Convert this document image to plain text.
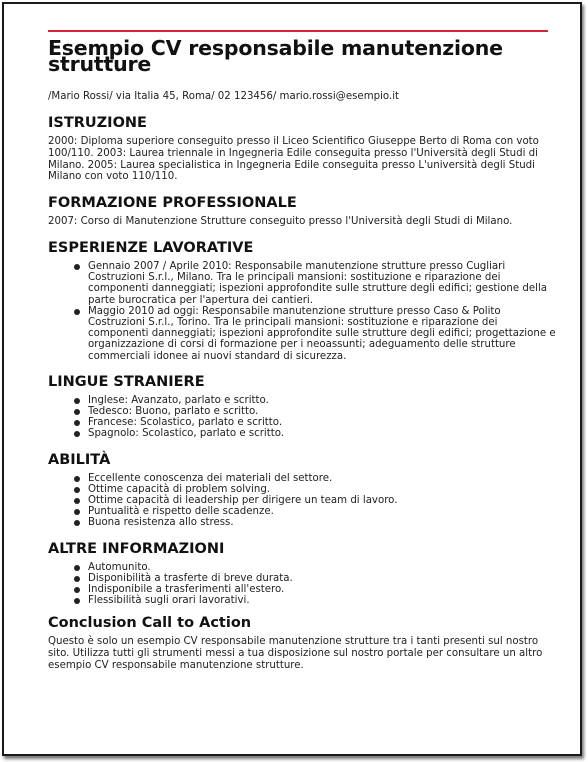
Esempio CV responsabile manutenzione strutture
/Mario Rossi/ via Italia 45, Roma/ 02 123456/ mario.rossi@esempio.it
ISTRUZIONE

2000: Diploma superiore conseguito presso il Liceo Scientifico Giuseppe Berto di Roma con voto 100/110. 2003: Laurea triennale in Ingegneria Edile conseguita presso l'Università degli Studi di Milano. 2005: Laurea specialistica in Ingegneria Edile conseguita presso L'università degli Studi Milano con voto 110/110.

FORMAZIONE PROFESSIONALE

2007: Corso di Manutenzione Strutture conseguito presso l'Università degli Studi di Milano.

ESPERIENZE LAVORATIVE
Gennaio 2007 / Aprile 2010: Responsabile manutenzione strutture presso Cugliari Costruzioni S.r.l., Milano. Tra le principali mansioni: sostituzione e riparazione dei componenti danneggiati; ispezioni approfondite sulle strutture degli edifici; gestione della parte burocratica per l'apertura dei cantieri.
Maggio 2010 ad oggi: Responsabile manutenzione strutture presso Caso & Polito Costruzioni S.r.l., Torino. Tra le principali mansioni: sostituzione e riparazione dei componenti danneggiati; ispezioni approfondite sulle strutture degli edifici; progettazione e organizzazione di corsi di formazione per i neoassunti; adeguamento delle strutture commerciali idonee ai nuovi standard di sicurezza.
LINGUE STRANIERE
Inglese: Avanzato, parlato e scritto.
Tedesco: Buono, parlato e scritto.
Francese: Scolastico, parlato e scritto.
Spagnolo: Scolastico, parlato e scritto.
ABILITÀ
Eccellente conoscenza dei materiali del settore.
Ottime capacità di problem solving.
Ottime capacità di leadership per dirigere un team di lavoro.
Puntualità e rispetto delle scadenze.
Buona resistenza allo stress.
ALTRE INFORMAZIONI
Automunito.
Disponibilità a trasferte di breve durata.
Indisponibile a trasferimenti all'estero.
Flessibilità sugli orari lavorativi.
Conclusion Call to Action

Questo è solo un esempio CV responsabile manutenzione strutture tra i tanti presenti sul nostro sito. Utilizza tutti gli strumenti messi a tua disposizione sul nostro portale per consultare un altro esempio CV responsabile manutenzione strutture.
